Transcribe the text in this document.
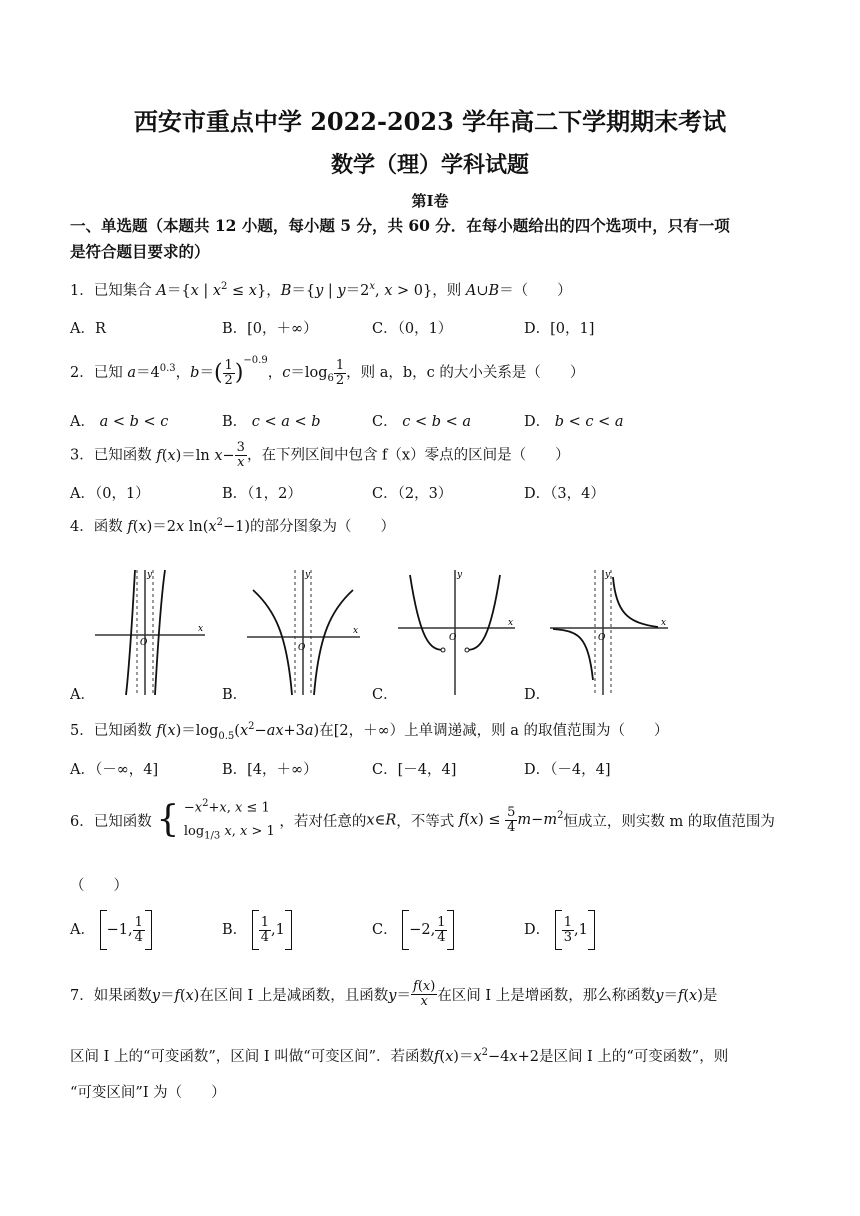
西安市重点中学 2022-2023 学年高二下学期期末考试
数学（理）学科试题
第Ⅰ卷
一、单选题（本题共 12 小题，每小题 5 分，共 60 分．在每小题给出的四个选项中，只有一项
是符合题目要求的）
1．已知集合 A＝{x | $x^2 \le x$}，B＝{y | $y=2^x$, x > 0}，则 A∪B＝（　　）
A．R	B．[0，＋∞）	C．（0，1）	D．[0，1]
2．已知 $a=4^{0.3}$，$b=( \frac{1}{2} )^{-0.9}$，$c=\log_6 \frac{1}{2}$ ，则 a，b，c 的大小关系是（　　）
A． a < b < c	B． c < a < b	C． c < b < a	D． b < c < a
3．已知函数 f(x)＝ln $x- \frac{3}{x}$ ，在下列区间中包含 f（x）零点的区间是（　　）
A．（0，1）	B．（1，2）	C．（2，3）	D．（3，4）
4．函数 f(x)＝2x $\ln(x^2-1)$的部分图象为（　　）
O
x
y
A．
O
x
y
B．
O
x
y
C．
O
x
y
D．
5．已知函数 $f(x)=\log_{0.5}(x^2-ax+3a)$在[2，＋∞）上单调递减，则 a 的取值范围为（　　）
A．（－∞，4]	B．[4，＋∞）	C．[－4，4]	D．（－4，4]
6．已知函数 { $-x^2+x$, x ≤ 1
$\log_{1/3} x$, x > 1 ，若对任意的x∈R，不等式 $f(x) \le \frac{5}{4} m-m^2$恒成立，则实数 m 的取值范围为
（　　）
A． −1, $\frac{1}{4}$	B． $\frac{1}{4} ,1$	C． −2, $\frac{1}{4}$	D． $\frac{1}{3} ,1$
7．如果函数y＝f(x)在区间 I 上是减函数，且函数$y= \frac{f(x)}{x}$ 在区间 I 上是增函数，那么称函数y＝f(x)是
区间 I 上的“可变函数”，区间 I 叫做“可变区间”．若函数$f(x)=x^2-4x+2$是区间 I 上的“可变函数”，则
“可变区间”I 为（　　）
